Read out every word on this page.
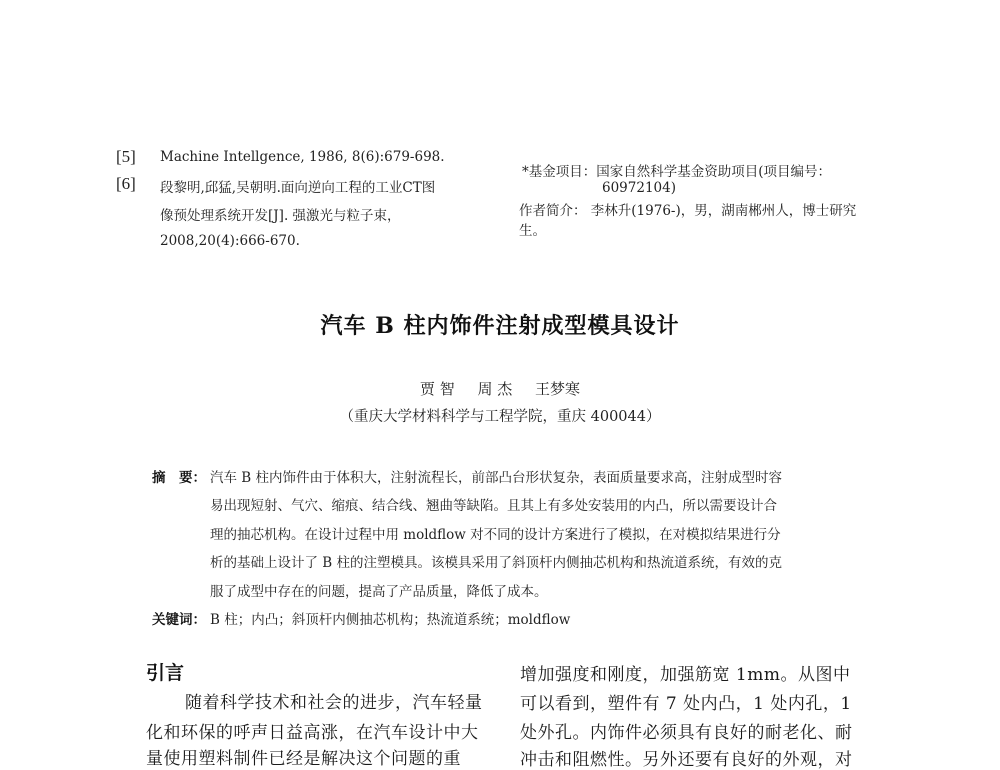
[5] Machine Intellgence, 1986, 8(6):679-698.
[6] 段黎明,邱猛,吴朝明.面向逆向工程的工业CT图
像预处理系统开发[J]. 强激光与粒子束，
2008,20(4):666-670.
*基金项目：国家自然科学基金资助项目(项目编号：
60972104)
作者简介： 李林升(1976-)，男，湖南郴州人，博士研究
生。
汽车 B 柱内饰件注射成型模具设计
贾 智 周 杰 王梦寒
（重庆大学材料科学与工程学院，重庆 400044）
摘　要： 汽车 B 柱内饰件由于体积大，注射流程长，前部凸台形状复杂，表面质量要求高，注射成型时容
易出现短射、气穴、缩痕、结合线、翘曲等缺陷。且其上有多处安装用的内凸，所以需要设计合
理的抽芯机构。在设计过程中用 moldflow 对不同的设计方案进行了模拟，在对模拟结果进行分
析的基础上设计了 B 柱的注塑模具。该模具采用了斜顶杆内侧抽芯机构和热流道系统，有效的克
服了成型中存在的问题，提高了产品质量，降低了成本。
关键词： B 柱；内凸；斜顶杆内侧抽芯机构；热流道系统；moldflow
引言
随着科学技术和社会的进步，汽车轻量
化和环保的呼声日益高涨，在汽车设计中大
量使用塑料制件已经是解决这个问题的重
增加强度和刚度，加强筋宽 1mm。从图中
可以看到，塑件有 7 处内凸，1 处内孔，1
处外孔。内饰件必须具有良好的耐老化、耐
冲击和阻燃性。另外还要有良好的外观，对
